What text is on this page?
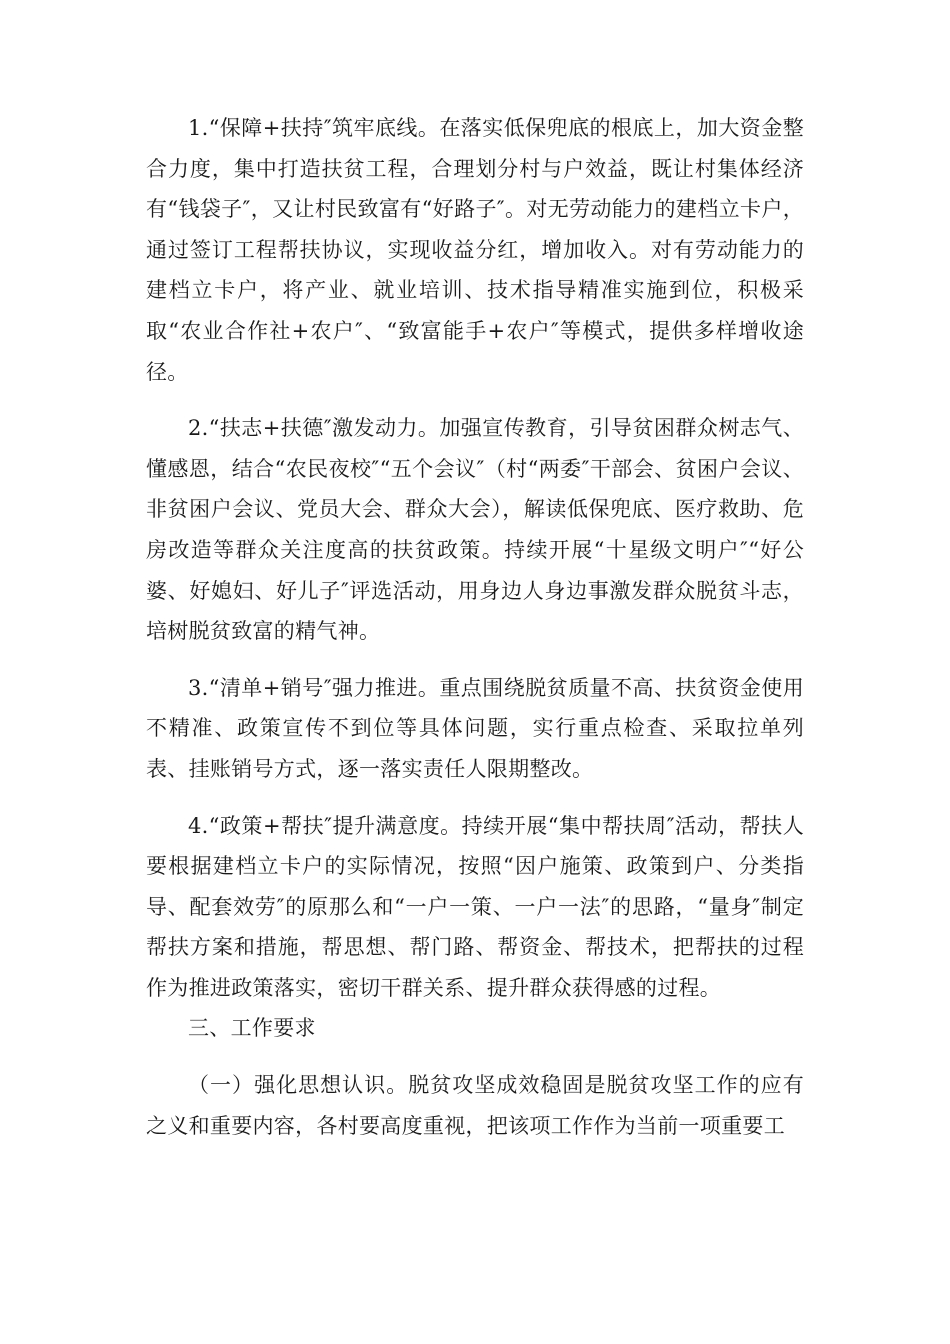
1.“保障+扶持″筑牢底线。在落实低保兜底的根底上，加大资金整合力度，集中打造扶贫工程，合理划分村与户效益，既让村集体经济有“钱袋子″，又让村民致富有“好路子″。对无劳动能力的建档立卡户，通过签订工程帮扶协议，实现收益分红，增加收入。对有劳动能力的建档立卡户，将产业、就业培训、技术指导精准实施到位，积极采取“农业合作社+农户″、“致富能手+农户″等模式，提供多样增收途径。

2.“扶志+扶德″激发动力。加强宣传教育，引导贫困群众树志气、懂感恩，结合“农民夜校″“五个会议″（村“两委″干部会、贫困户会议、非贫困户会议、党员大会、群众大会），解读低保兜底、医疗救助、危房改造等群众关注度高的扶贫政策。持续开展“十星级文明户″“好公婆、好媳妇、好儿子″评选活动，用身边人身边事激发群众脱贫斗志，培树脱贫致富的精气神。

3.“清单+销号″强力推进。重点围绕脱贫质量不高、扶贫资金使用不精准、政策宣传不到位等具体问题，实行重点检查、采取拉单列表、挂账销号方式，逐一落实责任人限期整改。

4.“政策+帮扶″提升满意度。持续开展“集中帮扶周″活动，帮扶人要根据建档立卡户的实际情况，按照“因户施策、政策到户、分类指导、配套效劳″的原那么和“一户一策、一户一法″的思路，“量身″制定帮扶方案和措施，帮思想、帮门路、帮资金、帮技术，把帮扶的过程作为推进政策落实，密切干群关系、提升群众获得感的过程。

三、工作要求

（一）强化思想认识。脱贫攻坚成效稳固是脱贫攻坚工作的应有之义和重要内容，各村要高度重视，把该项工作作为当前一项重要工
